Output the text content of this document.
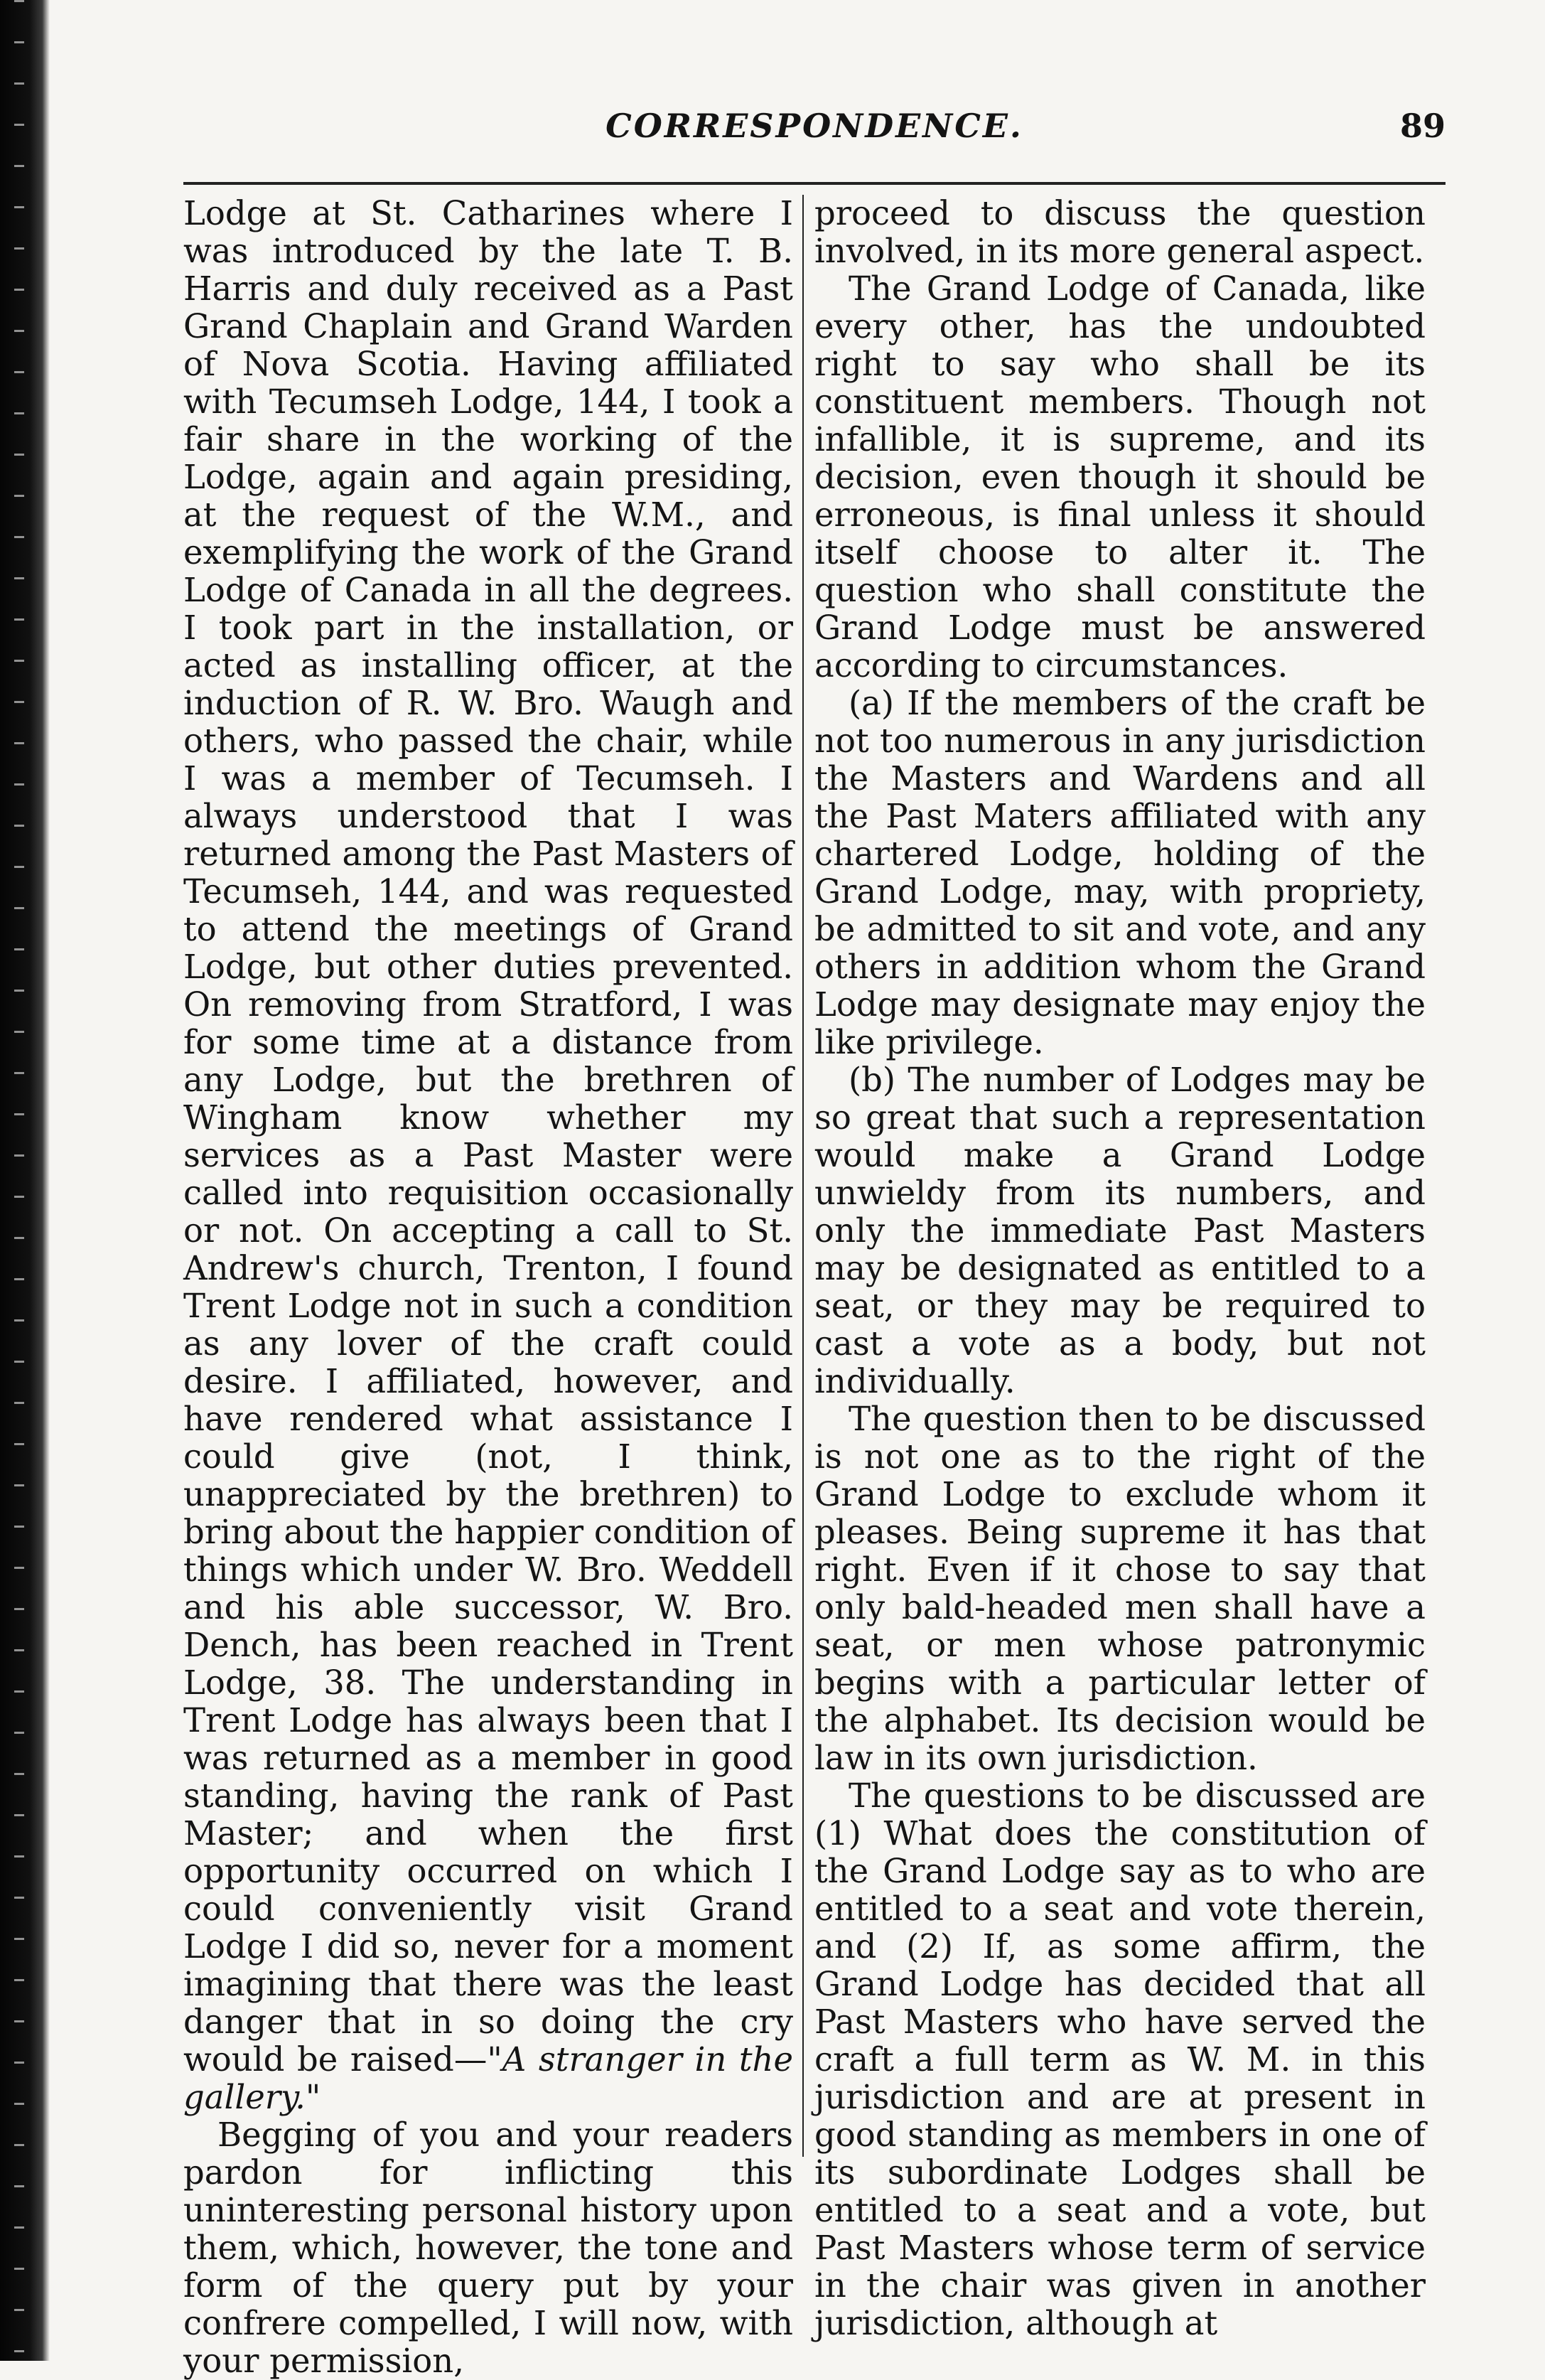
CORRESPONDENCE.	89

Lodge at St. Catharines where I was introduced by the late T. B. Harris and duly received as a Past Grand Chaplain and Grand Warden of Nova Scotia. Having affiliated with Tecumseh Lodge, 144, I took a fair share in the working of the Lodge, again and again presiding, at the request of the W.M., and exemplifying the work of the Grand Lodge of Canada in all the degrees. I took part in the installation, or acted as installing officer, at the induction of R. W. Bro. Waugh and others, who passed the chair, while I was a member of Tecumseh. I always understood that I was returned among the Past Masters of Tecumseh, 144, and was requested to attend the meetings of Grand Lodge, but other duties prevented. On removing from Stratford, I was for some time at a distance from any Lodge, but the brethren of Wingham know whether my services as a Past Master were called into requisition occasionally or not. On accepting a call to St. Andrew's church, Trenton, I found Trent Lodge not in such a condition as any lover of the craft could desire. I affiliated, however, and have rendered what assistance I could give (not, I think, unappreciated by the brethren) to bring about the happier condition of things which under W. Bro. Weddell and his able successor, W. Bro. Dench, has been reached in Trent Lodge, 38. The understanding in Trent Lodge has always been that I was returned as a member in good standing, having the rank of Past Master; and when the first opportunity occurred on which I could conveniently visit Grand Lodge I did so, never for a moment imagining that there was the least danger that in so doing the cry would be raised—"A stranger in the gallery."

Begging of you and your readers pardon for inflicting this uninteresting personal history upon them, which, however, the tone and form of the query put by your confrere compelled, I will now, with your permission,

proceed to discuss the question involved, in its more general aspect.

The Grand Lodge of Canada, like every other, has the undoubted right to say who shall be its constituent members. Though not infallible, it is supreme, and its decision, even though it should be erroneous, is final unless it should itself choose to alter it. The question who shall constitute the Grand Lodge must be answered according to circumstances.

(a) If the members of the craft be not too numerous in any jurisdiction the Masters and Wardens and all the Past Maters affiliated with any chartered Lodge, holding of the Grand Lodge, may, with propriety, be admitted to sit and vote, and any others in addition whom the Grand Lodge may designate may enjoy the like privilege.

(b) The number of Lodges may be so great that such a representation would make a Grand Lodge unwieldy from its numbers, and only the immediate Past Masters may be designated as entitled to a seat, or they may be required to cast a vote as a body, but not individually.

The question then to be discussed is not one as to the right of the Grand Lodge to exclude whom it pleases. Being supreme it has that right. Even if it chose to say that only bald-headed men shall have a seat, or men whose patronymic begins with a particular letter of the alphabet. Its decision would be law in its own jurisdiction.

The questions to be discussed are (1) What does the constitution of the Grand Lodge say as to who are entitled to a seat and vote therein, and (2) If, as some affirm, the Grand Lodge has decided that all Past Masters who have served the craft a full term as W. M. in this jurisdiction and are at present in good standing as members in one of its subordinate Lodges shall be entitled to a seat and a vote, but Past Masters whose term of service in the chair was given in another jurisdiction, although at
